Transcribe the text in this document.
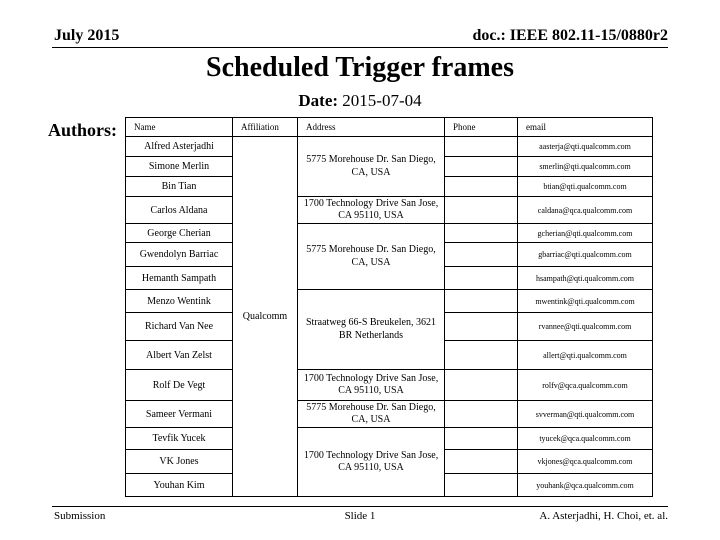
July 2015	doc.: IEEE 802.11-15/0880r2
Scheduled Trigger frames
Date: 2015-07-04
Authors: Name	Affiliation	Address	Phone	email
Alfred Asterjadhi	Qualcomm	5775 Morehouse Dr. San Diego, CA, USA		aasterja@qti.qualcomm.com
Simone Merlin				smerlin@qti.qualcomm.com
Bin Tian				btian@qti.qualcomm.com
Carlos Aldana		1700 Technology Drive San Jose, CA 95110, USA		caldana@qca.qualcomm.com
George Cherian		5775 Morehouse Dr. San Diego, CA, USA		gcherian@qti.qualcomm.com
Gwendolyn Barriac				gbarriac@qti.qualcomm.com
Hemanth Sampath				hsampath@qti.qualcomm.com
Menzo Wentink		Straatweg 66-S Breukelen, 3621 BR Netherlands		mwentink@qti.qualcomm.com
Richard Van Nee				rvannee@qti.qualcomm.com
Albert Van Zelst				allert@qti.qualcomm.com
Rolf De Vegt		1700 Technology Drive San Jose, CA 95110, USA		rolfv@qca.qualcomm.com
Sameer Vermani		5775 Morehouse Dr. San Diego, CA, USA		svverman@qti.qualcomm.com
Tevfik Yucek		1700 Technology Drive San Jose, CA 95110, USA		tyucek@qca.qualcomm.com
VK Jones				vkjones@qca.qualcomm.com
Youhan Kim				youhank@qca.qualcomm.com
Submission	Slide 1	A. Asterjadhi, H. Choi, et. al.
